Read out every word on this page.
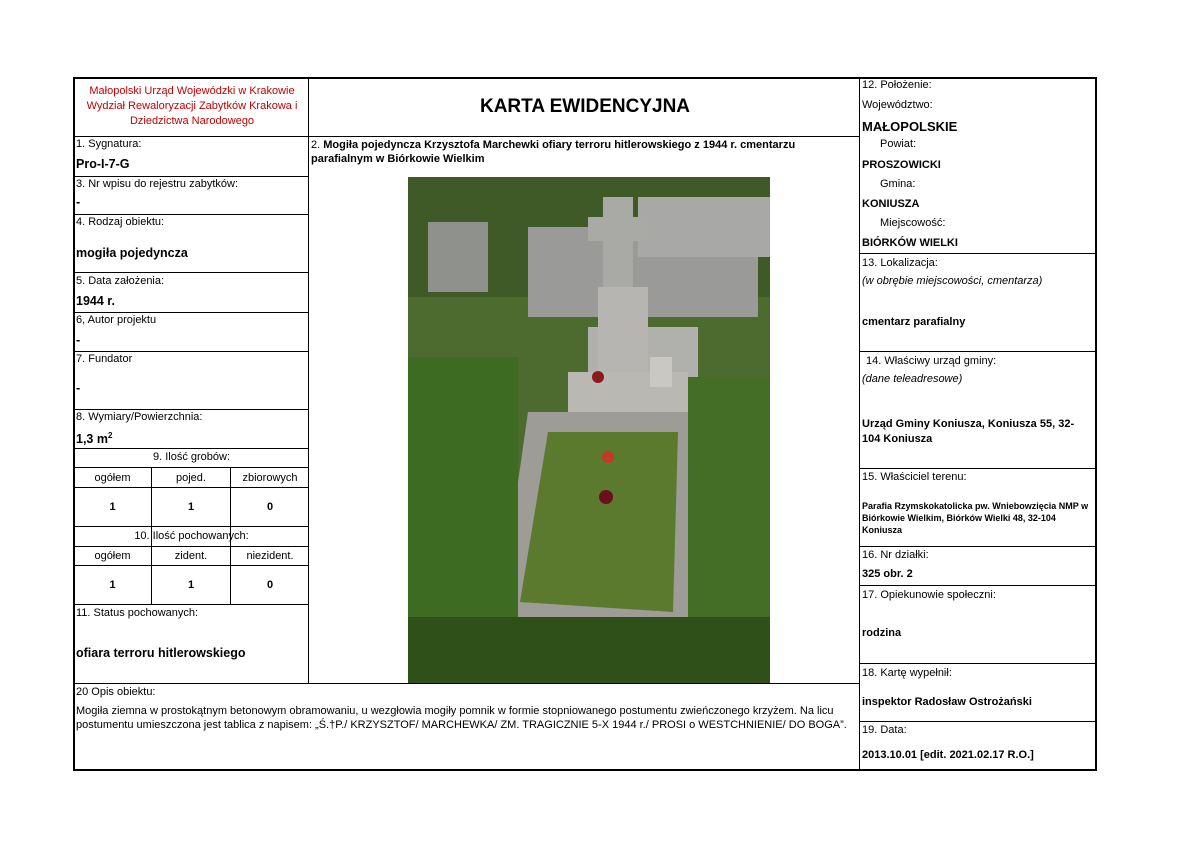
Małopolski Urząd Wojewódzki w Krakowie
Wydział Rewaloryzacji Zabytków Krakowa i
Dziedzictwa Narodowego
KARTA EWIDENCYJNA
1. Sygnatura:
Pro-I-7-G
3. Nr wpisu do rejestru zabytków:
-
4. Rodzaj obiektu:
mogiła pojedyncza
5. Data założenia:
1944 r.
6, Autor projektu
-
7. Fundator
-
8. Wymiary/Powierzchnia:
1,3 $m^2$
9. Ilość grobów:
ogółem	pojed.	zbiorowych
1	1	0
10. Ilość pochowanych:
ogółem	zident.	niezident.
1	1	0
11. Status pochowanych:
ofiara terroru hitlerowskiego
2. Mogiła pojedyncza Krzysztofa Marchewki ofiary terroru hitlerowskiego z 1944 r. cmentarzu parafialnym w Biórkowie Wielkim
12. Położenie:
Województwo:
MAŁOPOLSKIE
Powiat:
PROSZOWICKI
Gmina:
KONIUSZA
Miejscowość:
BIÓRKÓW WIELKI
13. Lokalizacja:
(w obrębie miejscowości, cmentarza)
cmentarz parafialny
14. Właściwy urząd gminy:
(dane teleadresowe)
Urząd Gminy Koniusza, Koniusza 55, 32-104 Koniusza
15. Właściciel terenu:
Parafia Rzymskokatolicka pw. Wniebowzięcia NMP w Biórkowie Wielkim, Biórków Wielki 48, 32-104 Koniusza
16. Nr działki:
325 obr. 2
17. Opiekunowie społeczni:
rodzina
18. Kartę wypełnił:
inspektor Radosław Ostrożański
19. Data:
2013.10.01 [edit. 2021.02.17 R.O.]
20 Opis obiektu:
Mogiła ziemna w prostokątnym betonowym obramowaniu, u wezgłowia mogiły pomnik w formie stopniowanego postumentu zwieńczonego krzyżem. Na licu postumentu umieszczona jest tablica z napisem: „Ś.†P./ KRZYSZTOF/ MARCHEWKA/ ZM. TRAGICZNIE 5-X 1944 r./ PROSI o WESTCHNIENIE/ DO BOGA”.
